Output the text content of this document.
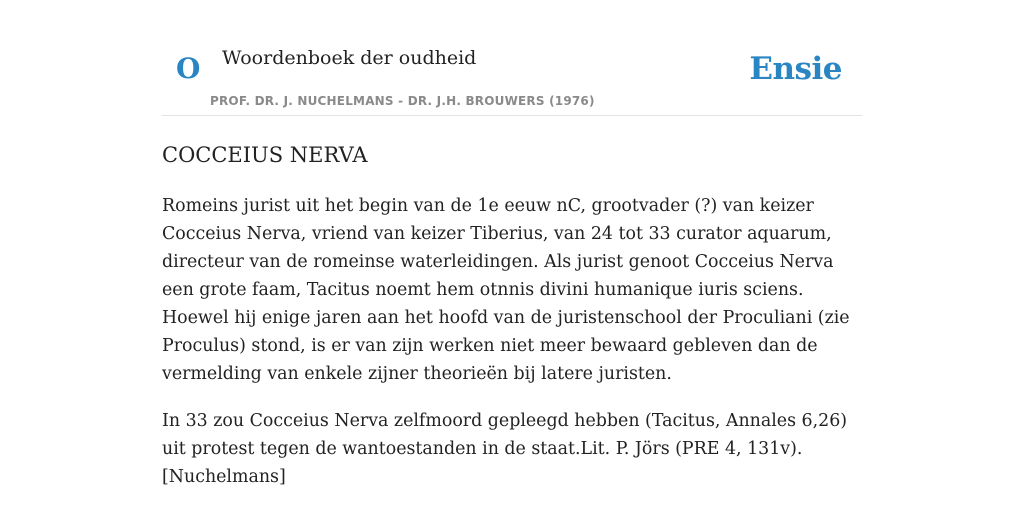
O Woordenboek der oudheid
PROF. DR. J. NUCHELMANS - DR. J.H. BROUWERS (1976)
Ensie
COCCEIUS NERVA

Romeins jurist uit het begin van de 1e eeuw nC, grootvader (?) van keizer Cocceius Nerva, vriend van keizer Tiberius, van 24 tot 33 curator aquarum, directeur van de romeinse waterleidingen. Als jurist genoot Cocceius Nerva een grote faam, Tacitus noemt hem otnnis divini humanique iuris sciens. Hoewel hij enige jaren aan het hoofd van de juristenschool der Proculiani (zie Proculus) stond, is er van zijn werken niet meer bewaard gebleven dan de vermelding van enkele zijner theorieën bij latere juristen.

In 33 zou Cocceius Nerva zelfmoord gepleegd hebben (Tacitus, Annales 6,26) uit protest tegen de wantoestanden in de staat.Lit. P. Jörs (PRE 4, 131v). [Nuchelmans]
